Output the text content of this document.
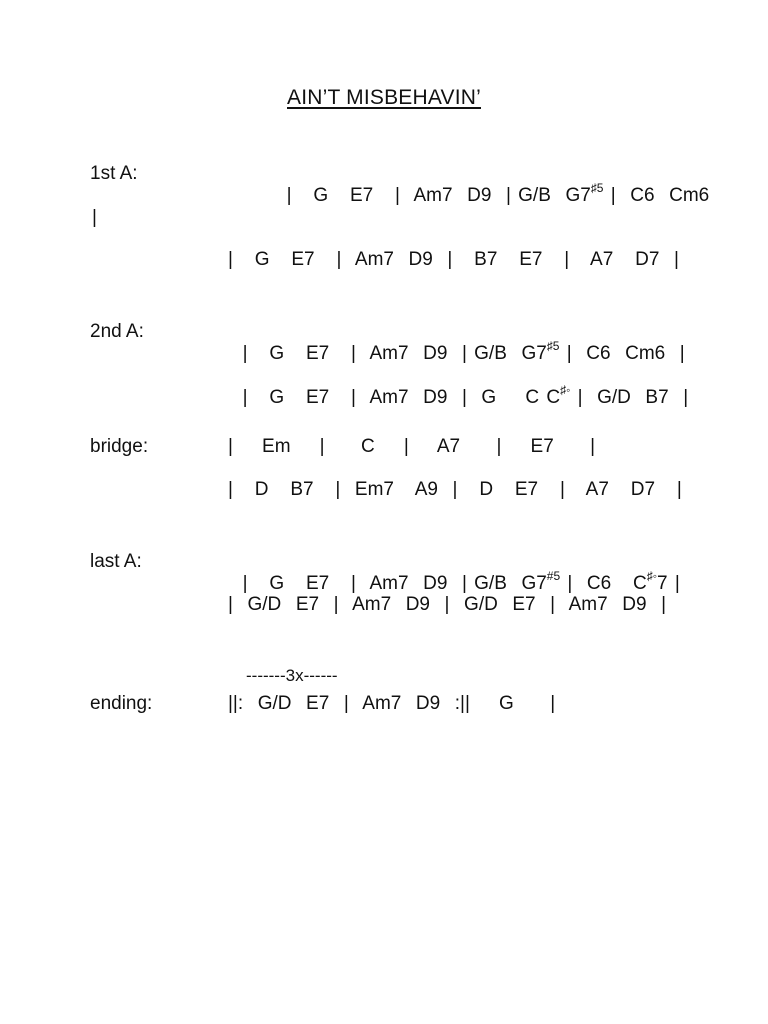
AIN’T MISBEHAVIN’
1st A:

|   G   E7   |  Am7  D9  | G/B  $G7^{♯5}$ |  C6  Cm6

|
|   G   E7   |  Am7  D9  |   B7   E7   |   A7   D7  |
2nd A:

|   G   E7   |  Am7  D9  | G/B  $G7^{♯5}$ |  C6  Cm6  |

|   G   E7   |  Am7  D9  |  G    C C♯◦ |  G/D  B7  |

bridge:	|    Em    |     C    |    A7     |    E7     |
|   D   B7   |  Em7   A9  |   D   E7   |   A7   D7   |
last A:

|   G   E7   |  Am7  D9  | G/B  G7$^{\#5}$ |  C6   C♯◦7 |

|  G/D  E7  |  Am7  D9  |  G/D  E7  |  Am7  D9  |
-------3x------
ending:	||:  G/D  E7  |  Am7  D9  :||    G     |
